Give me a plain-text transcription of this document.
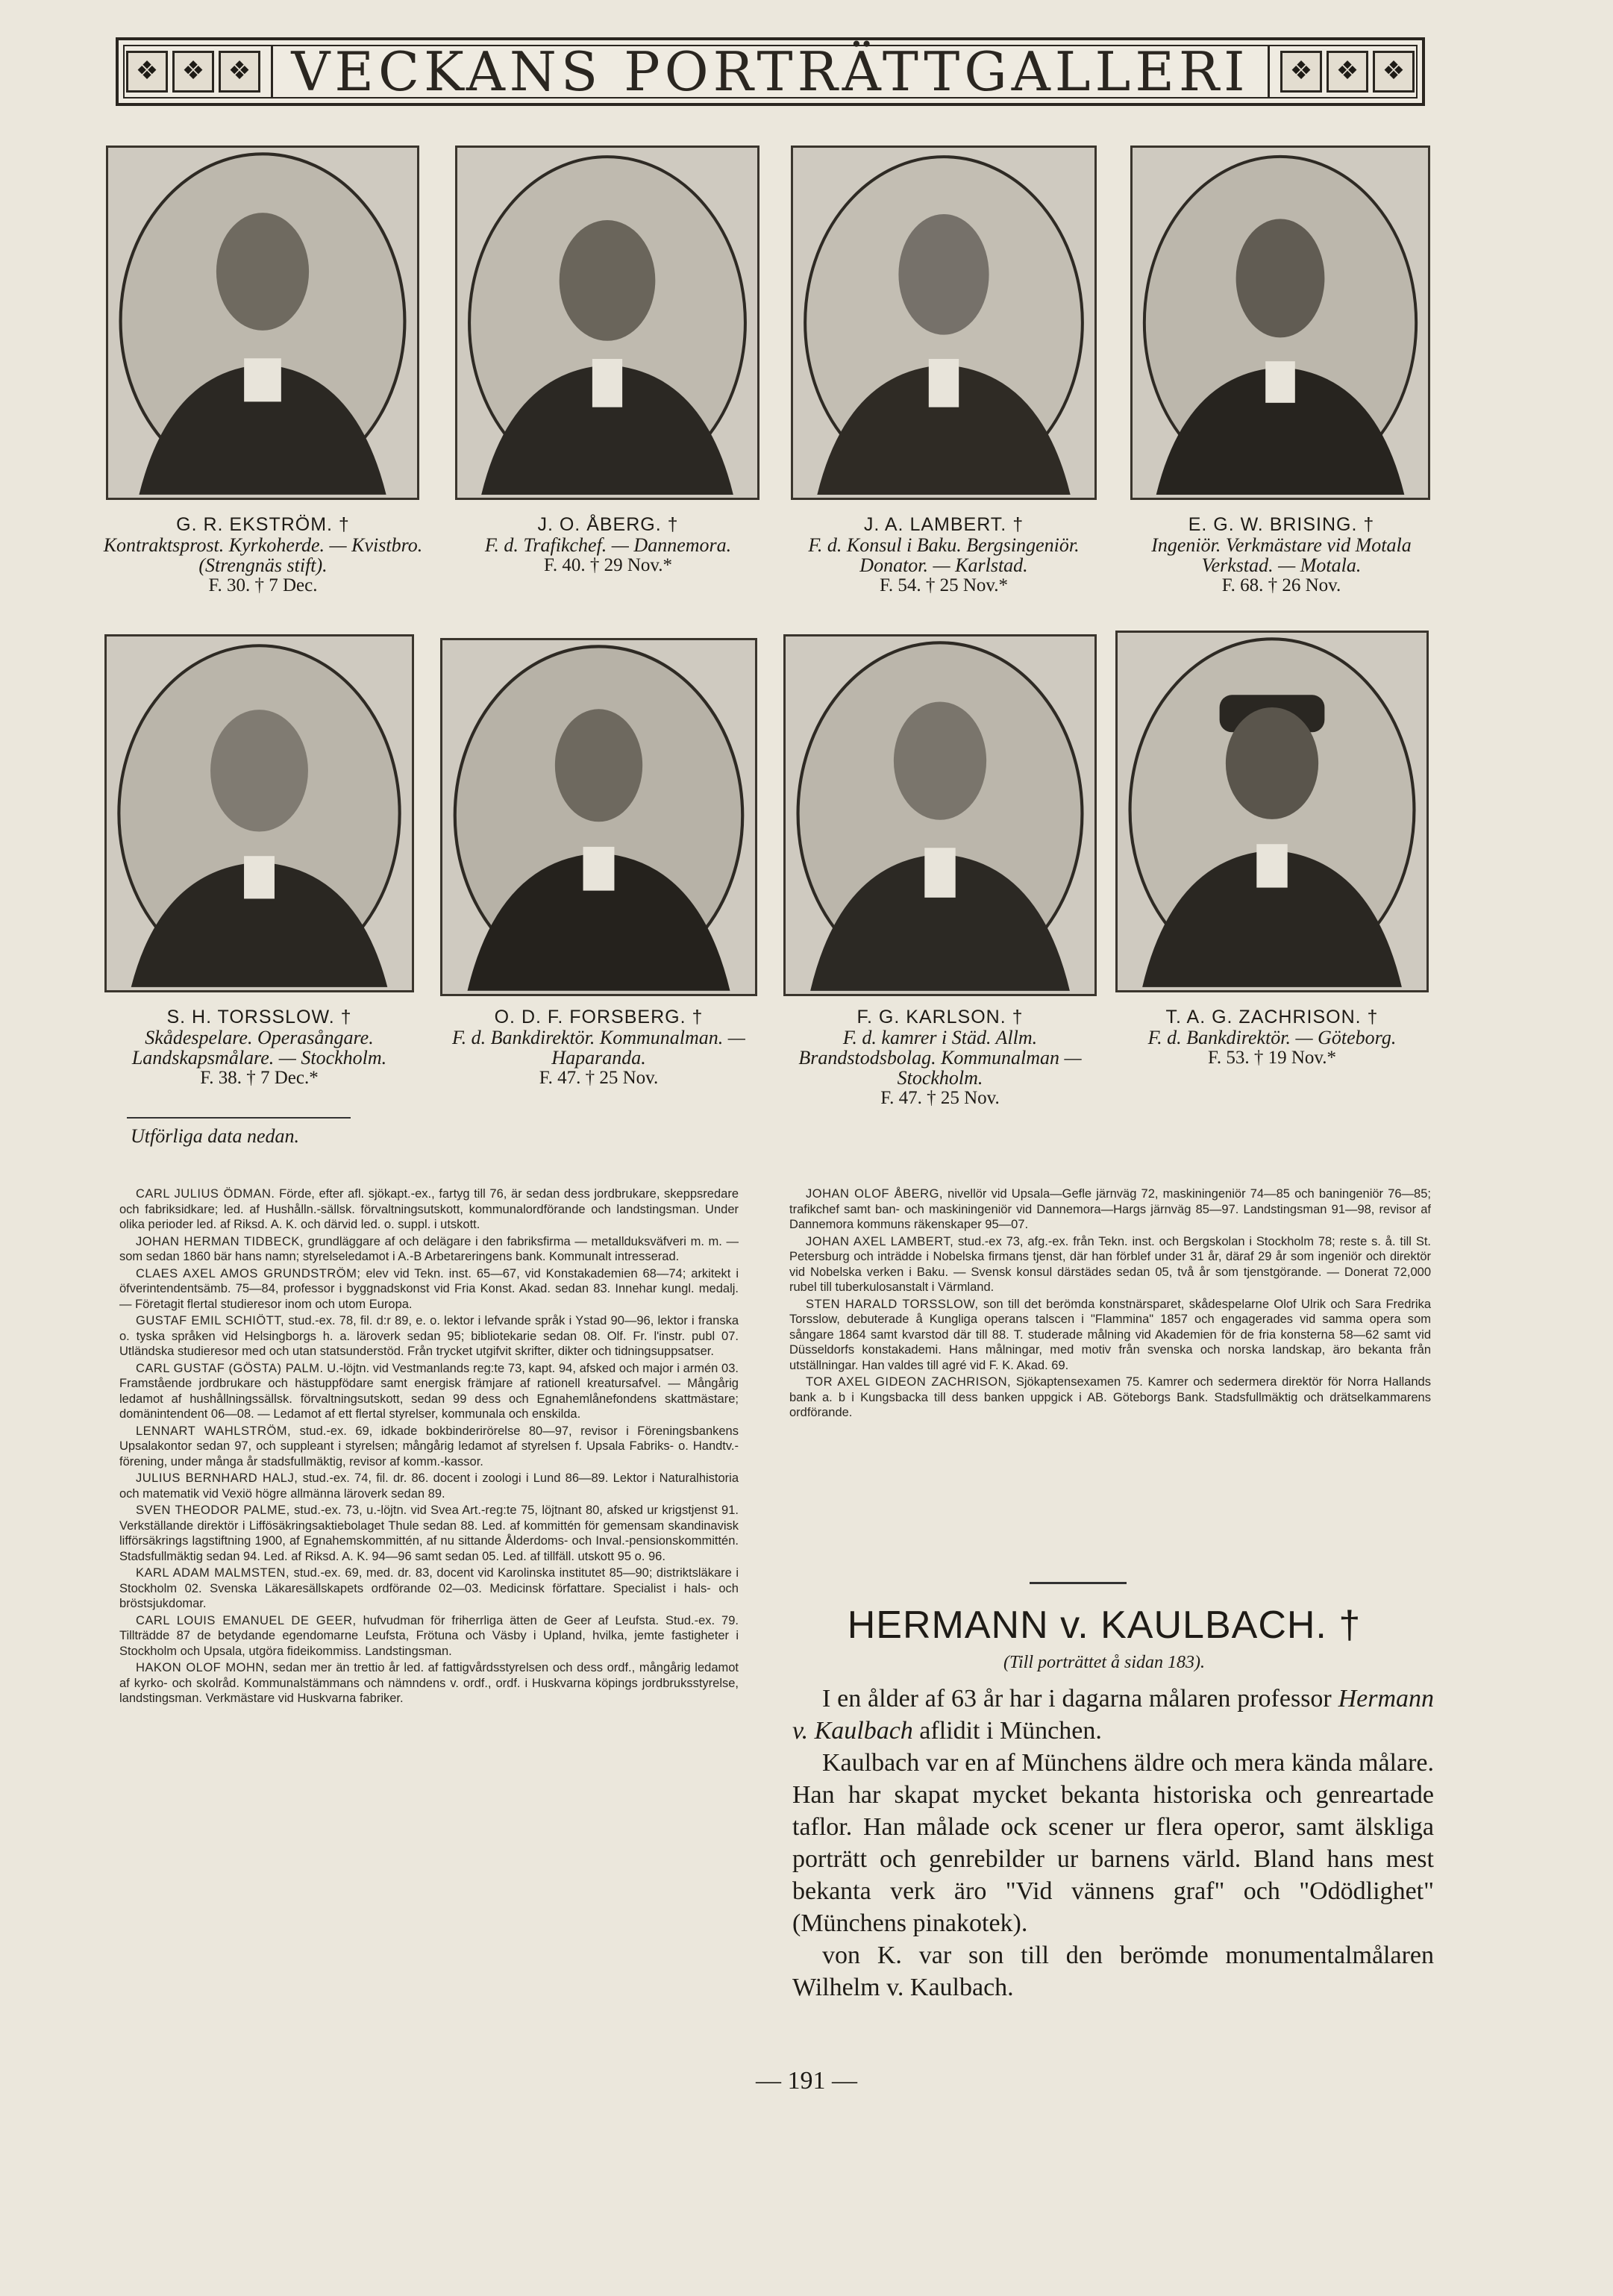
❖ ❖ ❖ VECKANS PORTRÄTTGALLERI	❖ ❖ ❖
G. R. EKSTRÖM. †
Kontraktsprost. Kyrkoherde. — Kvistbro. (Strengnäs stift).
F. 30. † 7 Dec.
J. O. ÅBERG. †
F. d. Trafikchef. — Dannemora.
F. 40. † 29 Nov.*
J. A. LAMBERT. †
F. d. Konsul i Baku. Bergsingeniör. Donator. — Karlstad.
F. 54. † 25 Nov.*
E. G. W. BRISING. †
Ingeniör. Verkmästare vid Motala Verkstad. — Motala.
F. 68. † 26 Nov.
S. H. TORSSLOW. †
Skådespelare. Operasångare. Landskapsmålare. — Stockholm.
F. 38. † 7 Dec.*
O. D. F. FORSBERG. †
F. d. Bankdirektör. Kommunalman. — Haparanda.
F. 47. † 25 Nov.
F. G. KARLSON. †
F. d. kamrer i Städ. Allm. Brandstodsbolag. Kommunalman — Stockholm.
F. 47. † 25 Nov.
T. A. G. ZACHRISON. †
F. d. Bankdirektör. — Göteborg.
F. 53. † 19 Nov.*
Utförliga data nedan.

CARL JULIUS ÖDMAN. Förde, efter afl. sjökapt.-ex., fartyg till 76, är sedan dess jordbrukare, skeppsredare och fabriksidkare; led. af Hushålln.-sällsk. förvaltningsutskott, kommunalordförande och landstingsman. Under olika perioder led. af Riksd. A. K. och därvid led. o. suppl. i utskott.

JOHAN HERMAN TIDBECK, grundläggare af och delägare i den fabriksfirma — metallduksväfveri m. m. — som sedan 1860 bär hans namn; styrelseledamot i A.-B Arbetareringens bank. Kommunalt intresserad.

CLAES AXEL AMOS GRUNDSTRÖM; elev vid Tekn. inst. 65—67, vid Konstakademien 68—74; arkitekt i öfverintendentsämb. 75—84, professor i byggnadskonst vid Fria Konst. Akad. sedan 83. Innehar kungl. medalj. — Företagit flertal studieresor inom och utom Europa.

GUSTAF EMIL SCHIÖTT, stud.-ex. 78, fil. d:r 89, e. o. lektor i lefvande språk i Ystad 90—96, lektor i franska o. tyska språken vid Helsingborgs h. a. läroverk sedan 95; bibliotekarie sedan 08. Olf. Fr. l'instr. publ 07. Utländska studieresor med och utan statsunderstöd. Från trycket utgifvit skrifter, dikter och tidningsuppsatser.

CARL GUSTAF (GÖSTA) PALM. U.-löjtn. vid Vestmanlands reg:te 73, kapt. 94, afsked och major i armén 03. Framstående jordbrukare och hästuppfödare samt energisk främjare af rationell kreatursafvel. — Mångårig ledamot af hushållningssällsk. förvaltningsutskott, sedan 99 dess och Egnahemlånefondens skattmästare; domänintendent 06—08. — Ledamot af ett flertal styrelser, kommunala och enskilda.

LENNART WAHLSTRÖM, stud.-ex. 69, idkade bokbinderirörelse 80—97, revisor i Föreningsbankens Upsalakontor sedan 97, och suppleant i styrelsen; mångårig ledamot af styrelsen f. Upsala Fabriks- o. Handtv.-förening, under många år stadsfullmäktig, revisor af komm.-kassor.

JULIUS BERNHARD HALJ, stud.-ex. 74, fil. dr. 86. docent i zoologi i Lund 86—89. Lektor i Naturalhistoria och matematik vid Vexiö högre allmänna läroverk sedan 89.

SVEN THEODOR PALME, stud.-ex. 73, u.-löjtn. vid Svea Art.-reg:te 75, löjtnant 80, afsked ur krigstjenst 91. Verkställande direktör i Liffösäkringsaktiebolaget Thule sedan 88. Led. af kommittén för gemensam skandinavisk lifförsäkrings lagstiftning 1900, af Egnahemskommittén, af nu sittande Ålderdoms- och Inval.-pensionskommittén. Stadsfullmäktig sedan 94. Led. af Riksd. A. K. 94—96 samt sedan 05. Led. af tillfäll. utskott 95 o. 96.

KARL ADAM MALMSTEN, stud.-ex. 69, med. dr. 83, docent vid Karolinska institutet 85—90; distriktsläkare i Stockholm 02. Svenska Läkaresällskapets ordförande 02—03. Medicinsk författare. Specialist i hals- och bröstsjukdomar.

CARL LOUIS EMANUEL DE GEER, hufvudman för friherrliga ätten de Geer af Leufsta. Stud.-ex. 79. Tillträdde 87 de betydande egendomarne Leufsta, Frötuna och Väsby i Upland, hvilka, jemte fastigheter i Stockholm och Upsala, utgöra fideikommiss. Landstingsman.

HAKON OLOF MOHN, sedan mer än trettio år led. af fattigvårdsstyrelsen och dess ordf., mångårig ledamot af kyrko- och skolråd. Kommunalstämmans och nämndens v. ordf., ordf. i Huskvarna köpings jordbruksstyrelse, landstingsman. Verkmästare vid Huskvarna fabriker.

JOHAN OLOF ÅBERG, nivellör vid Upsala—Gefle järnväg 72, maskiningeniör 74—85 och baningeniör 76—85; trafikchef samt ban- och maskiningeniör vid Dannemora—Hargs järnväg 85—97. Landstingsman 91—98, revisor af Dannemora kommuns räkenskaper 95—07.

JOHAN AXEL LAMBERT, stud.-ex 73, afg.-ex. från Tekn. inst. och Bergskolan i Stockholm 78; reste s. å. till St. Petersburg och inträdde i Nobelska firmans tjenst, där han förblef under 31 år, däraf 29 år som ingeniör och direktör vid Nobelska verken i Baku. — Svensk konsul därstädes sedan 05, två år som tjenstgörande. — Donerat 72,000 rubel till tuberkulosanstalt i Värmland.

STEN HARALD TORSSLOW, son till det berömda konstnärsparet, skådespelarne Olof Ulrik och Sara Fredrika Torsslow, debuterade å Kungliga operans talscen i "Flammina" 1857 och engagerades vid samma opera som sångare 1864 samt kvarstod där till 88. T. studerade målning vid Akademien för de fria konsterna 58—62 samt vid Düsseldorfs konstakademi. Hans målningar, med motiv från svenska och norska landskap, äro bekanta från utställningar. Han valdes till agré vid F. K. Akad. 69.

TOR AXEL GIDEON ZACHRISON, Sjökaptensexamen 75. Kamrer och sedermera direktör för Norra Hallands bank a. b i Kungsbacka till dess banken uppgick i AB. Göteborgs Bank. Stadsfullmäktig och drätselkammarens ordförande.

HERMANN v. KAULBACH. †
(Till porträttet å sidan 183).

I en ålder af 63 år har i dagarna målaren professor Hermann v. Kaulbach aflidit i München.

Kaulbach var en af Münchens äldre och mera kända målare. Han har skapat mycket bekanta historiska och genreartade taflor. Han målade ock scener ur flera operor, samt älskliga porträtt och genrebilder ur barnens värld. Bland hans mest bekanta verk äro "Vid vännens graf" och "Odödlighet" (Münchens pinakotek).

von K. var son till den berömde monumentalmålaren Wilhelm v. Kaulbach.

— 191 —
